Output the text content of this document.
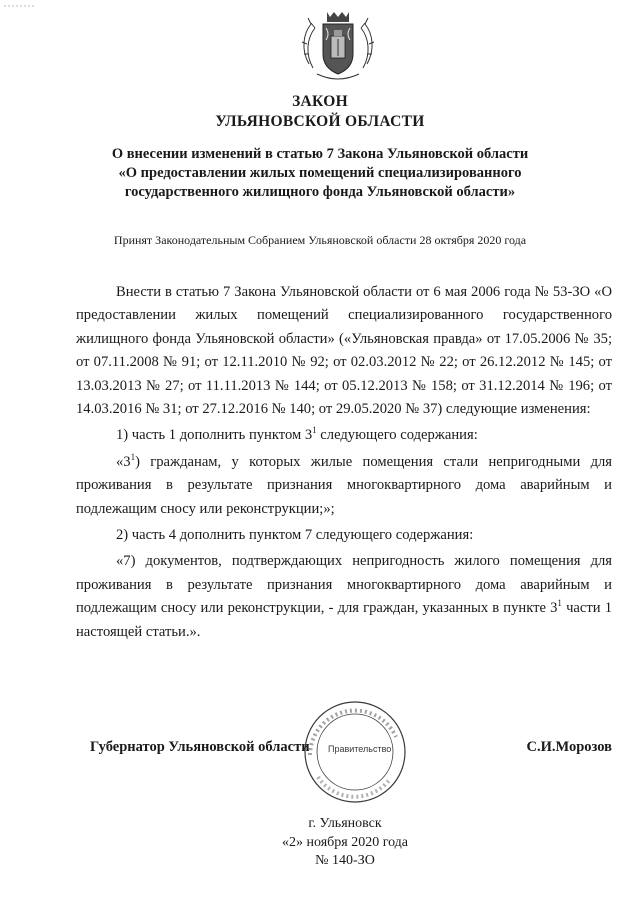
ЗАКОН
УЛЬЯНОВСКОЙ ОБЛАСТИ
О внесении изменений в статью 7 Закона Ульяновской области
«О предоставлении жилых помещений специализированного
государственного жилищного фонда Ульяновской области»
Принят Законодательным Собранием Ульяновской области 28 октября 2020 года

Внести в статью 7 Закона Ульяновской области от 6 мая 2006 года № 53-ЗО «О предоставлении жилых помещений специализированного государственного жилищного фонда Ульяновской области» («Ульяновская правда» от 17.05.2006 № 35; от 07.11.2008 № 91; от 12.11.2010 № 92; от 02.03.2012 № 22; от 26.12.2012 № 145; от 13.03.2013 № 27; от 11.11.2013 № 144; от 05.12.2013 № 158; от 31.12.2014 № 196; от 14.03.2016 № 31; от 27.12.2016 № 140; от 29.05.2020 № 37) следующие изменения:

1) часть 1 дополнить пунктом $3^1$ следующего содержания:

«$3^1$) гражданам, у которых жилые помещения стали непригодными для проживания в результате признания многоквартирного дома аварийным и подлежащим сносу или реконструкции;»;

2) часть 4 дополнить пунктом 7 следующего содержания:

«7) документов, подтверждающих непригодность жилого помещения для проживания в результате признания многоквартирного дома аварийным и подлежащим сносу или реконструкции, - для граждан, указанных в пункте $3^1$ части 1 настоящей статьи.».

Правительство
Губернатор Ульяновской области	С.И.Морозов
г. Ульяновск
«2» ноября 2020 года
№ 140-ЗО
